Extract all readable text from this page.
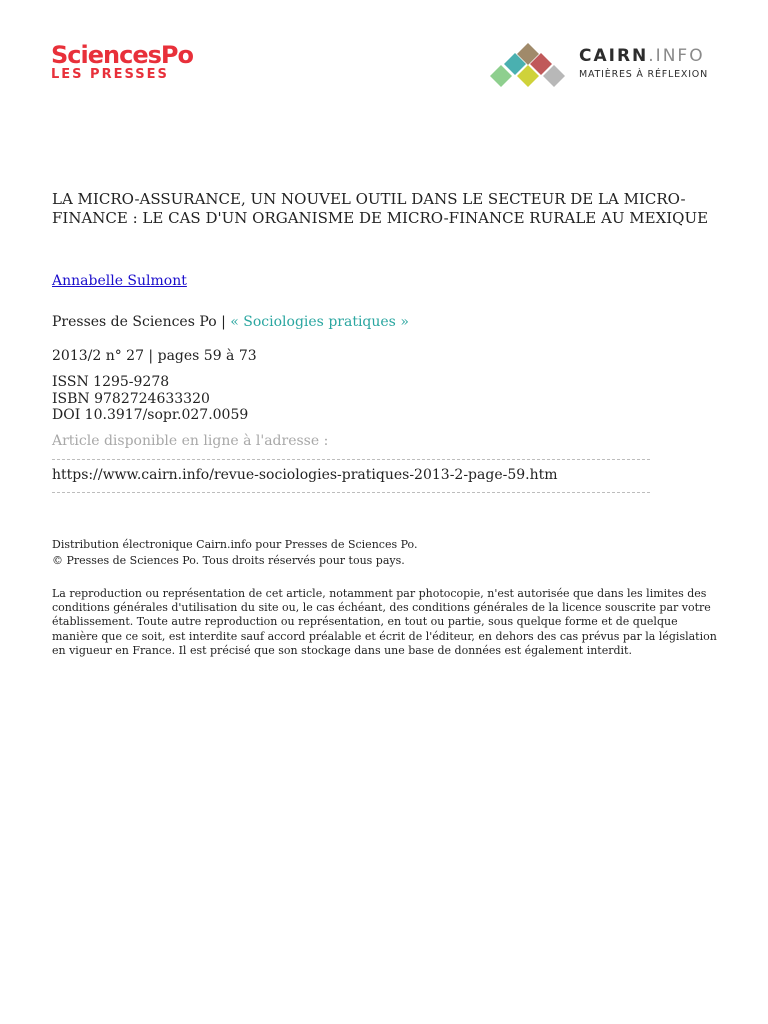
SciencesPo
LES PRESSES
CAIRN.INFO
MATIÈRES À RÉFLEXION
LA MICRO-ASSURANCE, UN NOUVEL OUTIL DANS LE SECTEUR DE LA MICRO-FINANCE : LE CAS D'UN ORGANISME DE MICRO-FINANCE RURALE AU MEXIQUE
Annabelle Sulmont
Presses de Sciences Po | « Sociologies pratiques »
2013/2 n° 27 | pages 59 à 73
ISSN 1295-9278
ISBN 9782724633320
DOI 10.3917/sopr.027.0059
Article disponible en ligne à l'adresse :
https://www.cairn.info/revue-sociologies-pratiques-2013-2-page-59.htm
Distribution électronique Cairn.info pour Presses de Sciences Po.
© Presses de Sciences Po. Tous droits réservés pour tous pays.
La reproduction ou représentation de cet article, notamment par photocopie, n'est autorisée que dans les limites des conditions générales d'utilisation du site ou, le cas échéant, des conditions générales de la licence souscrite par votre établissement. Toute autre reproduction ou représentation, en tout ou partie, sous quelque forme et de quelque manière que ce soit, est interdite sauf accord préalable et écrit de l'éditeur, en dehors des cas prévus par la législation en vigueur en France. Il est précisé que son stockage dans une base de données est également interdit.
